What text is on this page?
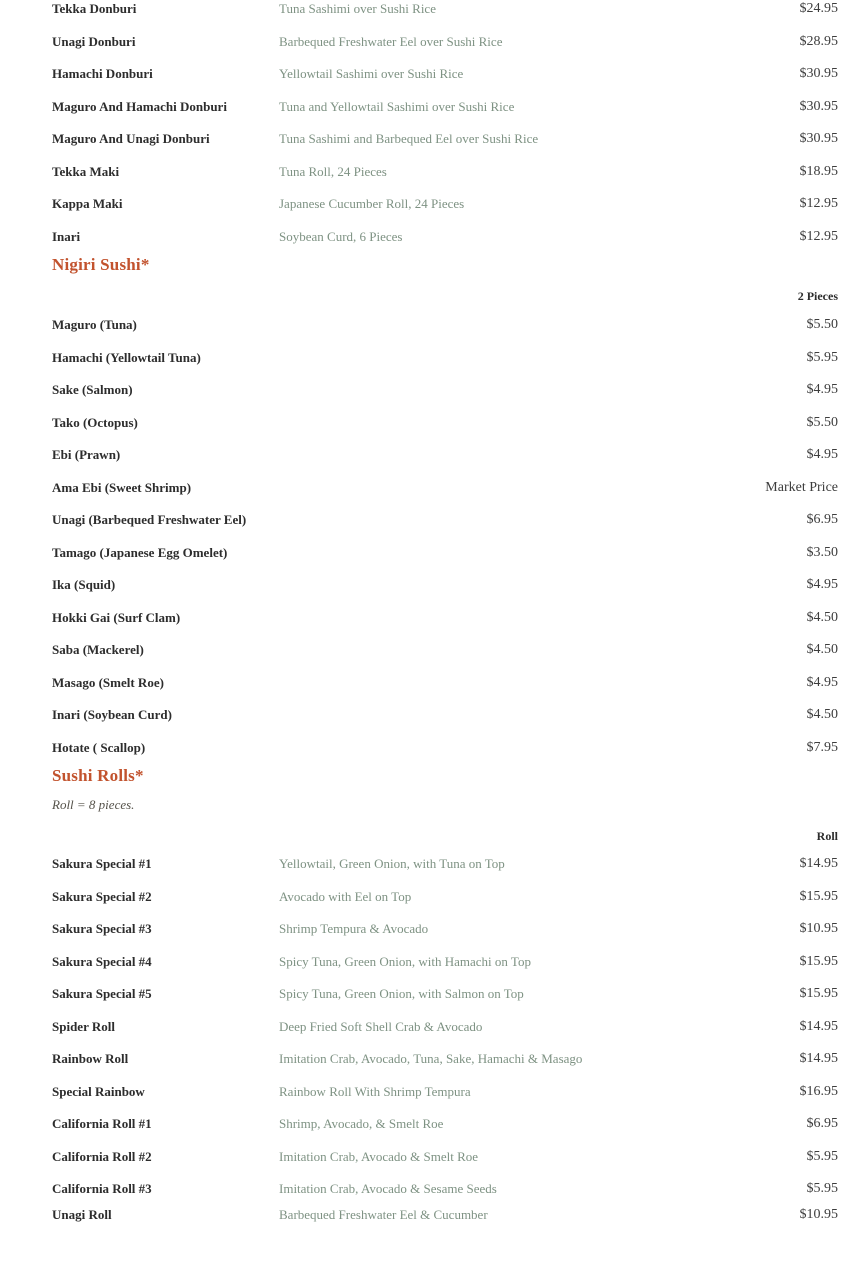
Tekka Donburi	Tuna Sashimi over Sushi Rice	$24.95
Unagi Donburi	Barbequed Freshwater Eel over Sushi Rice	$28.95
Hamachi Donburi	Yellowtail Sashimi over Sushi Rice	$30.95
Maguro And Hamachi Donburi	Tuna and Yellowtail Sashimi over Sushi Rice	$30.95
Maguro And Unagi Donburi	Tuna Sashimi and Barbequed Eel over Sushi Rice	$30.95
Tekka Maki	Tuna Roll, 24 Pieces	$18.95
Kappa Maki	Japanese Cucumber Roll, 24 Pieces	$12.95
Inari	Soybean Curd, 6 Pieces	$12.95
Nigiri Sushi*
2 Pieces
Maguro (Tuna)	$5.50
Hamachi (Yellowtail Tuna)	$5.95
Sake (Salmon)	$4.95
Tako (Octopus)	$5.50
Ebi (Prawn)	$4.95
Ama Ebi (Sweet Shrimp)	Market Price
Unagi (Barbequed Freshwater Eel)	$6.95
Tamago (Japanese Egg Omelet)	$3.50
Ika (Squid)	$4.95
Hokki Gai (Surf Clam)	$4.50
Saba (Mackerel)	$4.50
Masago (Smelt Roe)	$4.95
Inari (Soybean Curd)	$4.50
Hotate ( Scallop)	$7.95
Sushi Rolls*
Roll = 8 pieces.
Roll
Sakura Special #1	Yellowtail, Green Onion, with Tuna on Top	$14.95
Sakura Special #2	Avocado with Eel on Top	$15.95
Sakura Special #3	Shrimp Tempura & Avocado	$10.95
Sakura Special #4	Spicy Tuna, Green Onion, with Hamachi on Top	$15.95
Sakura Special #5	Spicy Tuna, Green Onion, with Salmon on Top	$15.95
Spider Roll	Deep Fried Soft Shell Crab & Avocado	$14.95
Rainbow Roll	Imitation Crab, Avocado, Tuna, Sake, Hamachi & Masago	$14.95
Special Rainbow	Rainbow Roll With Shrimp Tempura	$16.95
California Roll #1	Shrimp, Avocado, & Smelt Roe	$6.95
California Roll #2	Imitation Crab, Avocado & Smelt Roe	$5.95
California Roll #3	Imitation Crab, Avocado & Sesame Seeds	$5.95
Unagi Roll	Barbequed Freshwater Eel & Cucumber	$10.95
